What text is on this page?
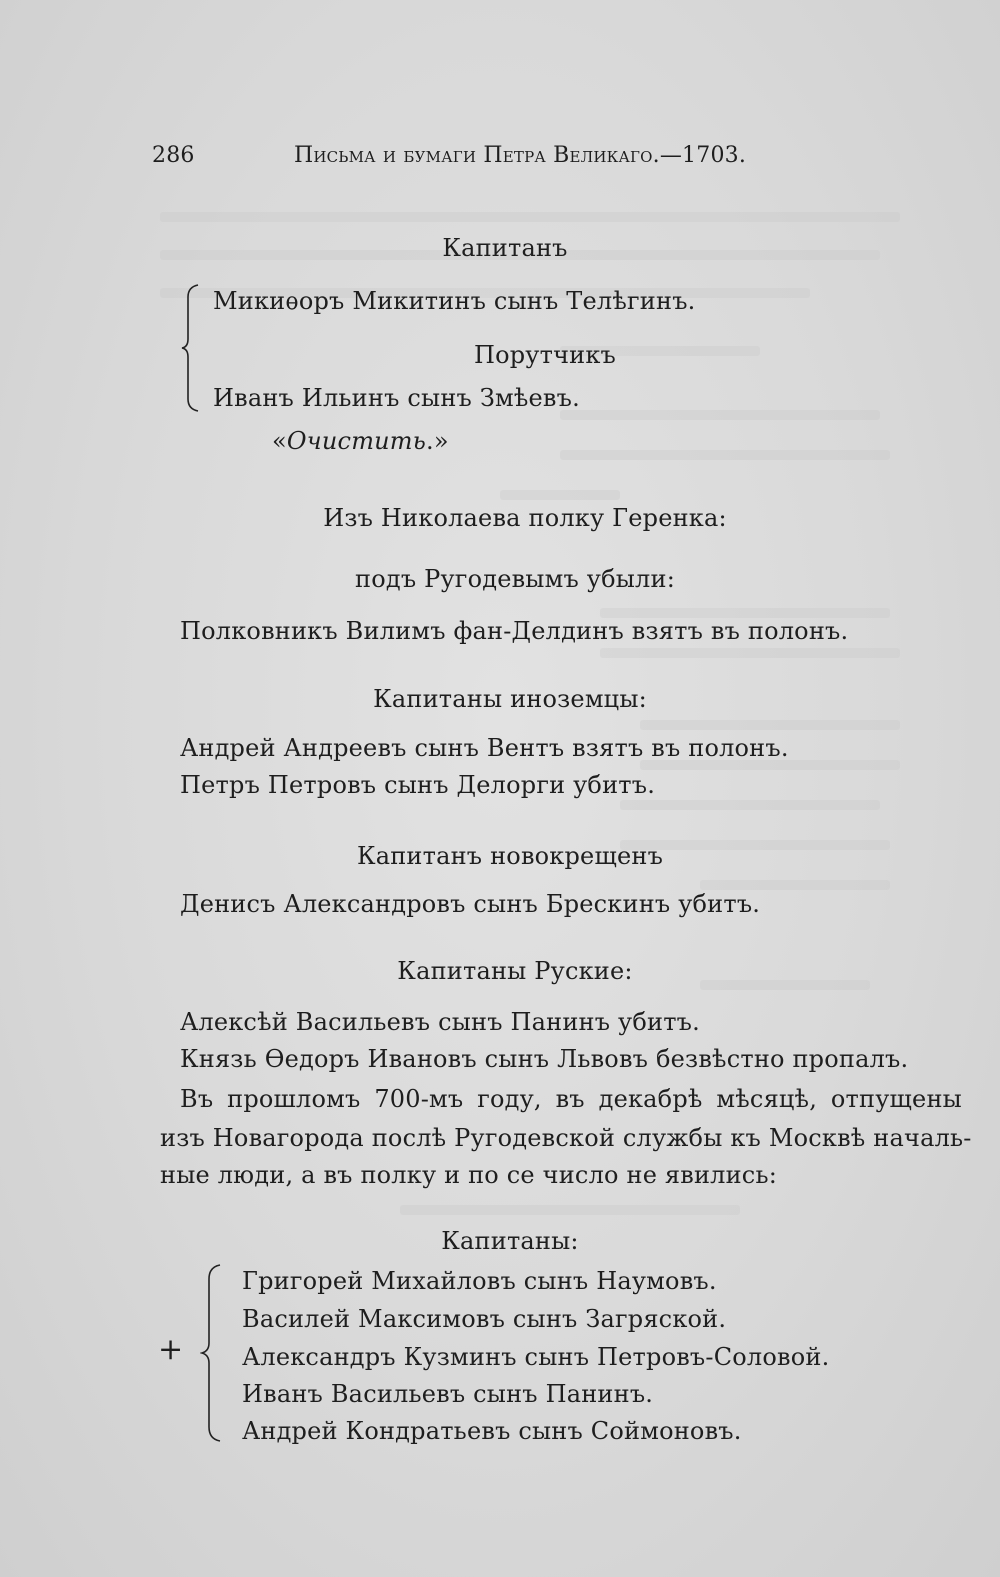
286	Письма и бумаги Петра Великаго.—1703.
Капитанъ
Микиѳоръ Микитинъ сынъ Телѣгинъ.
Порутчикъ
Иванъ Ильинъ сынъ Змѣевъ.
«Очистить.»
Изъ Николаева полку Геренка:
подъ Ругодевымъ убыли:
Полковникъ Вилимъ фан-Делдинъ взятъ въ полонъ.
Капитаны иноземцы:
Андрей Андреевъ сынъ Вентъ взятъ въ полонъ.
Петръ Петровъ сынъ Делорги убитъ.
Капитанъ новокрещенъ
Денисъ Александровъ сынъ Брескинъ убитъ.
Капитаны Руские:
Алексѣй Васильевъ сынъ Панинъ убитъ.
Князь Ѳедоръ Ивановъ сынъ Львовъ безвѣстно пропалъ.
Въ прошломъ 700-мъ году, въ декабрѣ мѣсяцѣ, отпущены
изъ Новагорода послѣ Ругодевской службы къ Москвѣ началь-
ные люди, а въ полку и по се число не явились:
Капитаны:
+
Григорей Михайловъ сынъ Наумовъ.
Василей Максимовъ сынъ Загряской.
Александръ Кузминъ сынъ Петровъ-Соловой.
Иванъ Васильевъ сынъ Панинъ.
Андрей Кондратьевъ сынъ Соймоновъ.
